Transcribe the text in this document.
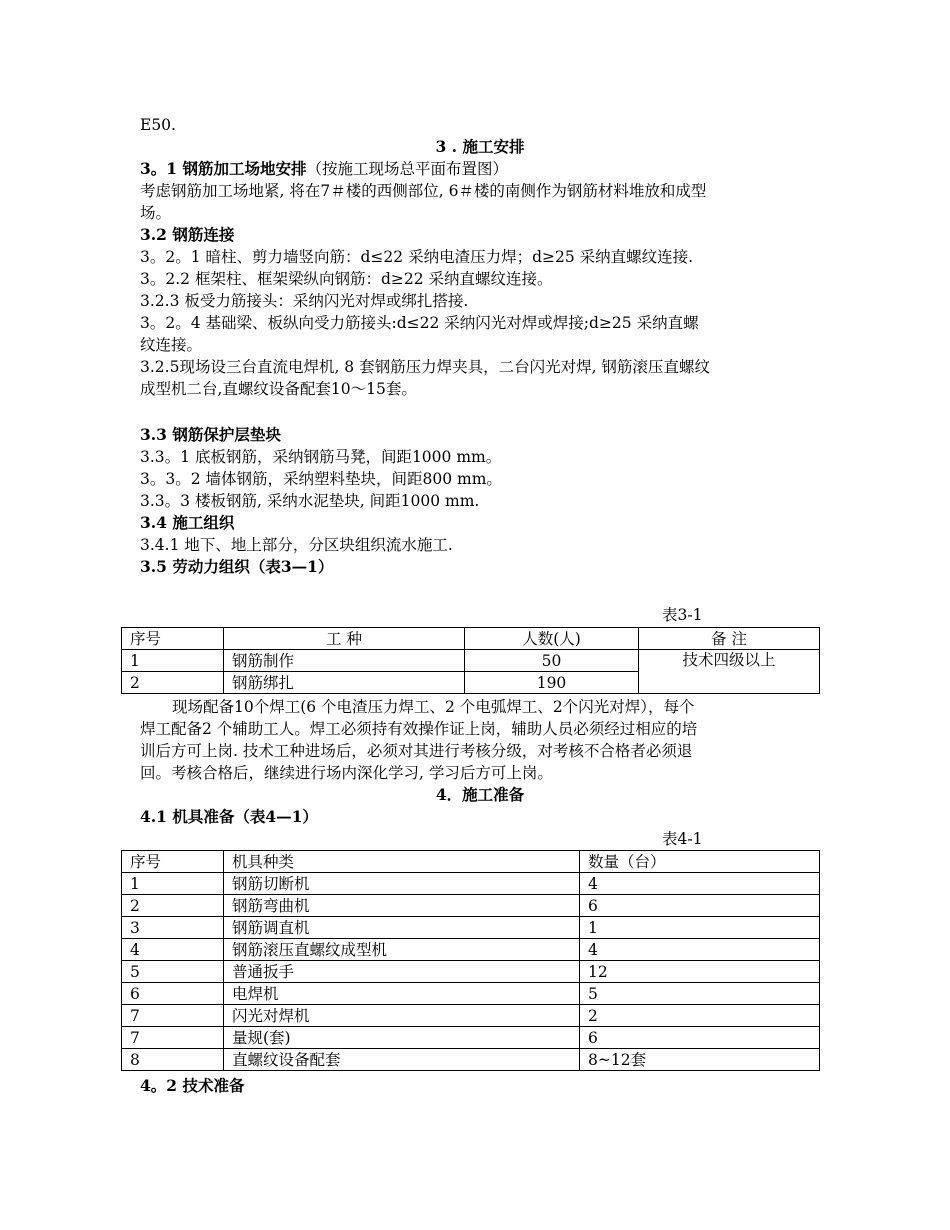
E50.
3 . 施工安排
3。1 钢筋加工场地安排（按施工现场总平面布置图）
考虑钢筋加工场地紧, 将在7＃楼的西侧部位, 6＃楼的南侧作为钢筋材料堆放和成型
场。
3.2 钢筋连接
3。2。1 暗柱、剪力墙竖向筋：d≤22 采纳电渣压力焊；d≥25 采纳直螺纹连接.
3。2.2 框架柱、框架梁纵向钢筋：d≥22 采纳直螺纹连接。
3.2.3 板受力筋接头：采纳闪光对焊或绑扎搭接.
3。2。4 基础梁、板纵向受力筋接头:d≤22 采纳闪光对焊或焊接;d≥25 采纳直螺
纹连接。
3.2.5现场设三台直流电焊机, 8 套钢筋压力焊夹具，二台闪光对焊, 钢筋滚压直螺纹
成型机二台,直螺纹设备配套10～15套。
3.3 钢筋保护层垫块
3.3。1 底板钢筋，采纳钢筋马凳，间距1000 mm。
3。3。2 墙体钢筋，采纳塑料垫块，间距800 mm。
3.3。3 楼板钢筋, 采纳水泥垫块, 间距1000 mm.
3.4 施工组织
3.4.1 地下、地上部分，分区块组织流水施工.
3.5 劳动力组织（表3—1）
表3-1
序号	工 种	人数(人)	备 注
1	钢筋制作	50	技术四级以上
2	钢筋绑扎	190	
现场配备10个焊工(6 个电渣压力焊工、2 个电弧焊工、2个闪光对焊），每个
焊工配备2 个辅助工人。焊工必须持有效操作证上岗，辅助人员必须经过相应的培
训后方可上岗. 技术工种进场后，必须对其进行考核分级，对考核不合格者必须退
回。考核合格后，继续进行场内深化学习, 学习后方可上岗。
4．施工准备
4.1 机具准备（表4—1）
表4-1
序号	机具种类	数量（台）
1	钢筋切断机	4
2	钢筋弯曲机	6
3	钢筋调直机	1
4	钢筋滚压直螺纹成型机	4
5	普通扳手	12
6	电焊机	5
7	闪光对焊机	2
7	量规(套)	6
8	直螺纹设备配套	8~12套
4。2 技术准备
